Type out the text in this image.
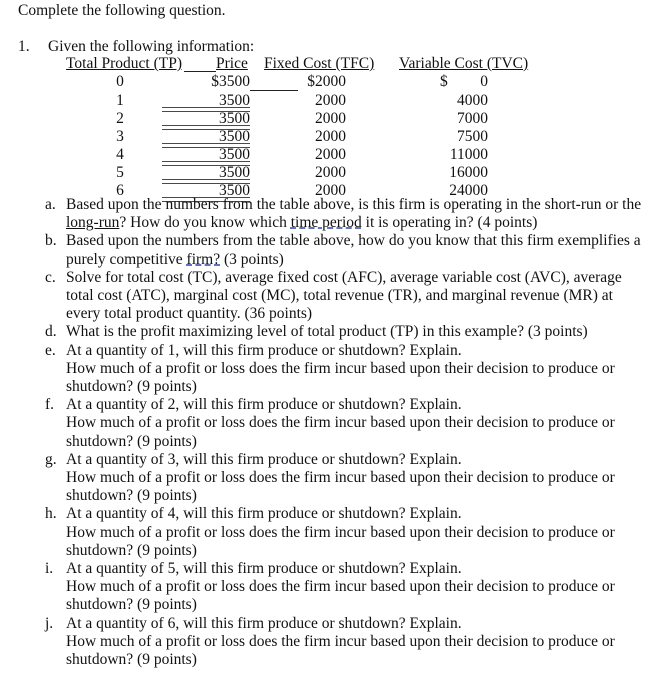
Complete the following question.
1. Given the following information:
Total Product (TP) Price Fixed Cost (TFC) Variable Cost (TVC)
0	$3500	$2000	$	0
1	3500	2000	4000
2	3500	2000	7000
3	3500	2000	7500
4	3500	2000	11000
5	3500	2000	16000
6	3500	2000	24000
a. Based upon the numbers from the table above, is this firm is operating in the short-run or the long-run? How do you know which time period it is operating in? (4 points)
b. Based upon the numbers from the table above, how do you know that this firm exemplifies a purely competitive firm? (3 points)
c. Solve for total cost (TC), average fixed cost (AFC), average variable cost (AVC), average total cost (ATC), marginal cost (MC), total revenue (TR), and marginal revenue (MR) at every total product quantity. (36 points)
d. What is the profit maximizing level of total product (TP) in this example? (3 points)
e. At a quantity of 1, will this firm produce or shutdown? Explain.
How much of a profit or loss does the firm incur based upon their decision to produce or shutdown? (9 points)
f. At a quantity of 2, will this firm produce or shutdown? Explain.
How much of a profit or loss does the firm incur based upon their decision to produce or shutdown? (9 points)
g. At a quantity of 3, will this firm produce or shutdown? Explain.
How much of a profit or loss does the firm incur based upon their decision to produce or shutdown? (9 points)
h. At a quantity of 4, will this firm produce or shutdown? Explain.
How much of a profit or loss does the firm incur based upon their decision to produce or shutdown? (9 points)
i. At a quantity of 5, will this firm produce or shutdown? Explain.
How much of a profit or loss does the firm incur based upon their decision to produce or shutdown? (9 points)
j. At a quantity of 6, will this firm produce or shutdown? Explain.
How much of a profit or loss does the firm incur based upon their decision to produce or shutdown? (9 points)
